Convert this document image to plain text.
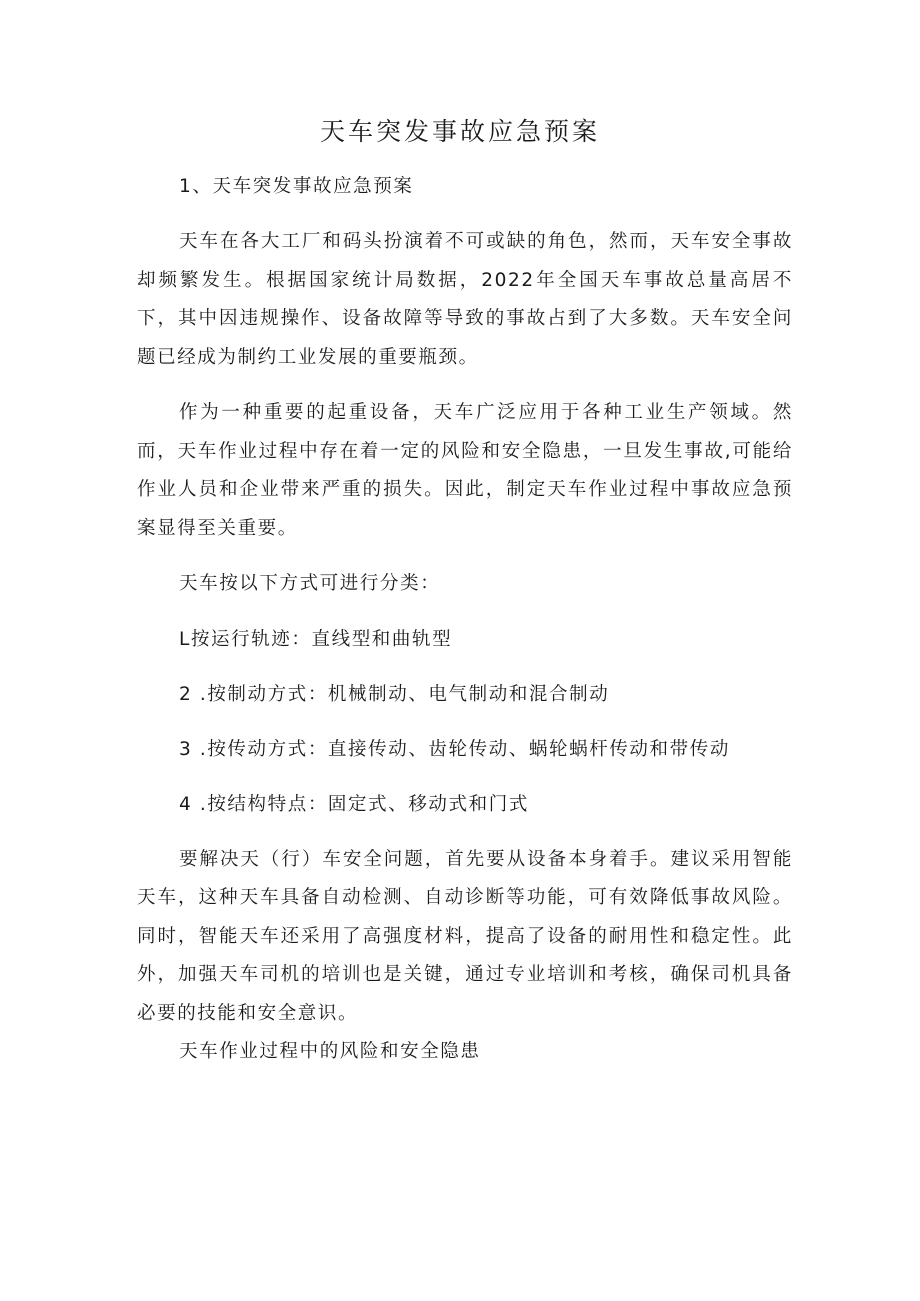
天车突发事故应急预案

1、天车突发事故应急预案

天车在各大工厂和码头扮演着不可或缺的角色，然而，天车安全事故却频繁发生。根据国家统计局数据，2022年全国天车事故总量高居不下，其中因违规操作、设备故障等导致的事故占到了大多数。天车安全问题已经成为制约工业发展的重要瓶颈。

作为一种重要的起重设备，天车广泛应用于各种工业生产领域。然而，天车作业过程中存在着一定的风险和安全隐患，一旦发生事故,可能给作业人员和企业带来严重的损失。因此，制定天车作业过程中事故应急预案显得至关重要。

天车按以下方式可进行分类：

L按运行轨迹：直线型和曲轨型

2 .按制动方式：机械制动、电气制动和混合制动

3 .按传动方式：直接传动、齿轮传动、蜗轮蜗杆传动和带传动

4 .按结构特点：固定式、移动式和门式

要解决天（行）车安全问题，首先要从设备本身着手。建议采用智能天车，这种天车具备自动检测、自动诊断等功能，可有效降低事故风险。同时，智能天车还采用了高强度材料，提高了设备的耐用性和稳定性。此外，加强天车司机的培训也是关键，通过专业培训和考核，确保司机具备必要的技能和安全意识。

天车作业过程中的风险和安全隐患
